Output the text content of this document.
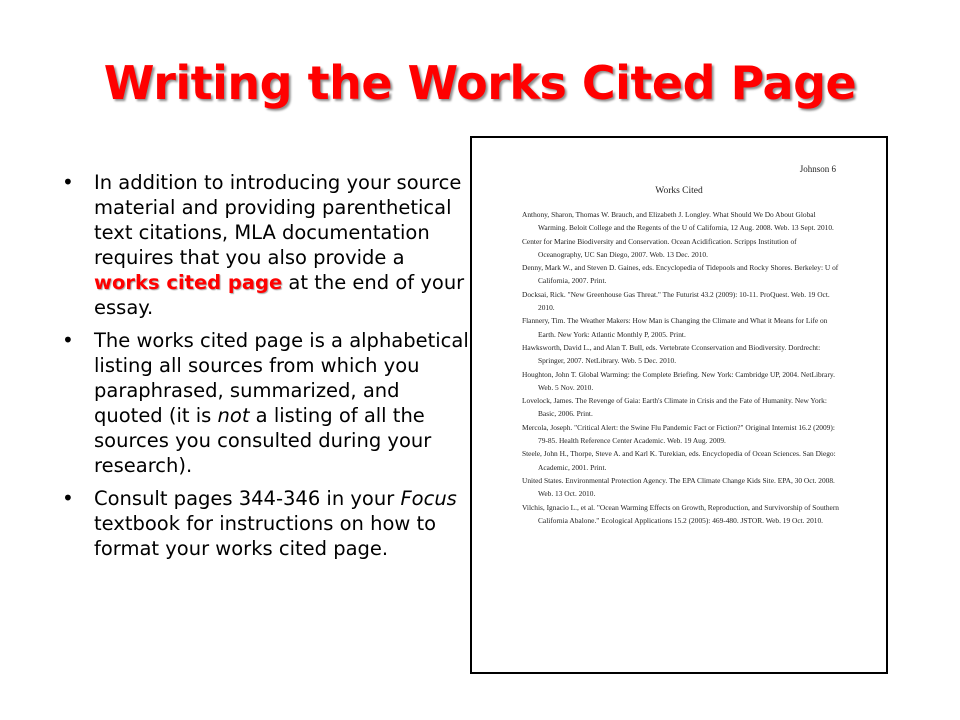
Writing the Works Cited Page
• In addition to introducing your source material and providing parenthetical text citations, MLA documentation requires that you also provide a works cited page at the end of your essay.
• The works cited page is a alphabetical listing all sources from which you paraphrased, summarized, and quoted (it is not a listing of all the sources you consulted during your research).
• Consult pages 344-346 in your Focus textbook for instructions on how to format your works cited page.
Johnson 6
Works Cited

Anthony, Sharon, Thomas W. Brauch, and Elizabeth J. Longley. What Should We Do About Global Warming. Beloit College and the Regents of the U of California, 12 Aug. 2008. Web. 13 Sept. 2010.

Center for Marine Biodiversity and Conservation. Ocean Acidification. Scripps Institution of Oceanography, UC San Diego, 2007. Web. 13 Dec. 2010.

Denny, Mark W., and Steven D. Gaines, eds. Encyclopedia of Tidepools and Rocky Shores. Berkeley: U of California, 2007. Print.

Docksai, Rick. "New Greenhouse Gas Threat." The Futurist 43.2 (2009): 10-11. ProQuest. Web. 19 Oct. 2010.

Flannery, Tim. The Weather Makers: How Man is Changing the Climate and What it Means for Life on Earth. New York: Atlantic Monthly P, 2005. Print.

Hawksworth, David L., and Alan T. Bull, eds. Vertebrate Cconservation and Biodiversity. Dordrecht: Springer, 2007. NetLibrary. Web. 5 Dec. 2010.

Houghton, John T. Global Warming: the Complete Briefing. New York: Cambridge UP, 2004. NetLibrary. Web. 5 Nov. 2010.

Lovelock, James. The Revenge of Gaia: Earth's Climate in Crisis and the Fate of Humanity. New York: Basic, 2006. Print.

Mercola, Joseph. "Critical Alert: the Swine Flu Pandemic Fact or Fiction?" Original Internist 16.2 (2009): 79-85. Health Reference Center Academic. Web. 19 Aug. 2009.

Steele, John H., Thorpe, Steve A. and Karl K. Turekian, eds. Encyclopedia of Ocean Sciences. San Diego: Academic, 2001. Print.

United States. Environmental Protection Agency. The EPA Climate Change Kids Site. EPA, 30 Oct. 2008. Web. 13 Oct. 2010.

Vilchis, Ignacio L., et al. "Ocean Warming Effects on Growth, Reproduction, and Survivorship of Southern California Abalone." Ecological Applications 15.2 (2005): 469-480. JSTOR. Web. 19 Oct. 2010.
